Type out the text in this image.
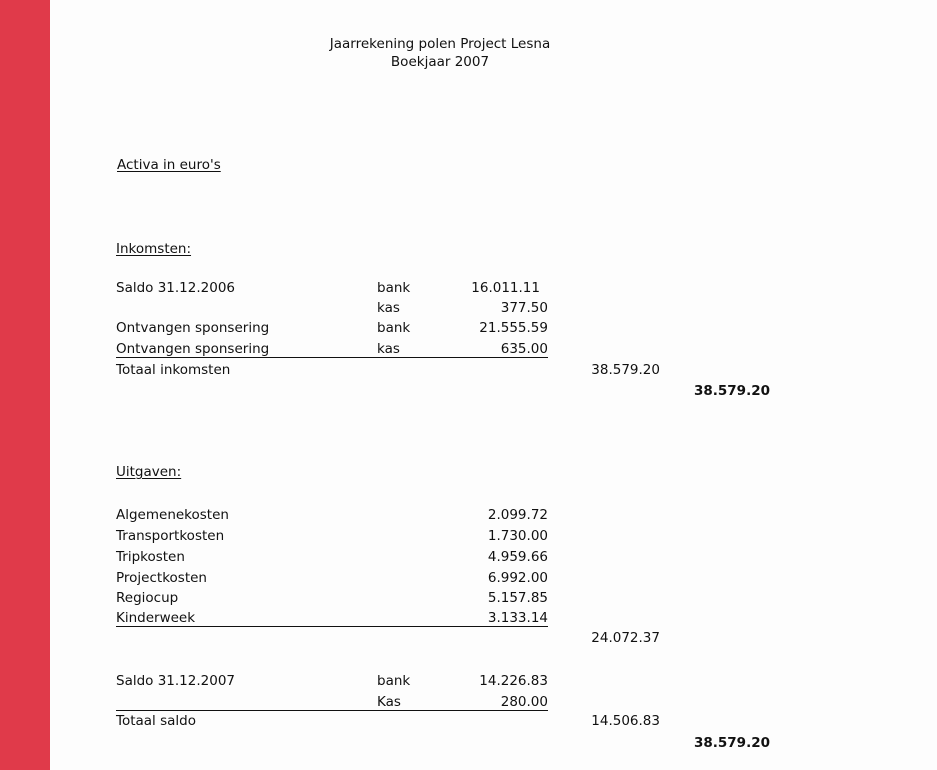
Jaarrekening polen Project Lesna
Boekjaar 2007
Activa in euro's
Inkomsten:
Saldo 31.12.2006	bank	16.011.11
kas	377.50
Ontvangen sponsering	bank	21.555.59
Ontvangen sponsering	kas	635.00
Totaal inkomsten	38.579.20
38.579.20
Uitgaven:
Algemenekosten	2.099.72
Transportkosten	1.730.00
Tripkosten	4.959.66
Projectkosten	6.992.00
Regiocup	5.157.85
Kinderweek	3.133.14
24.072.37
Saldo 31.12.2007	bank	14.226.83
Kas	280.00
Totaal saldo	14.506.83
38.579.20
